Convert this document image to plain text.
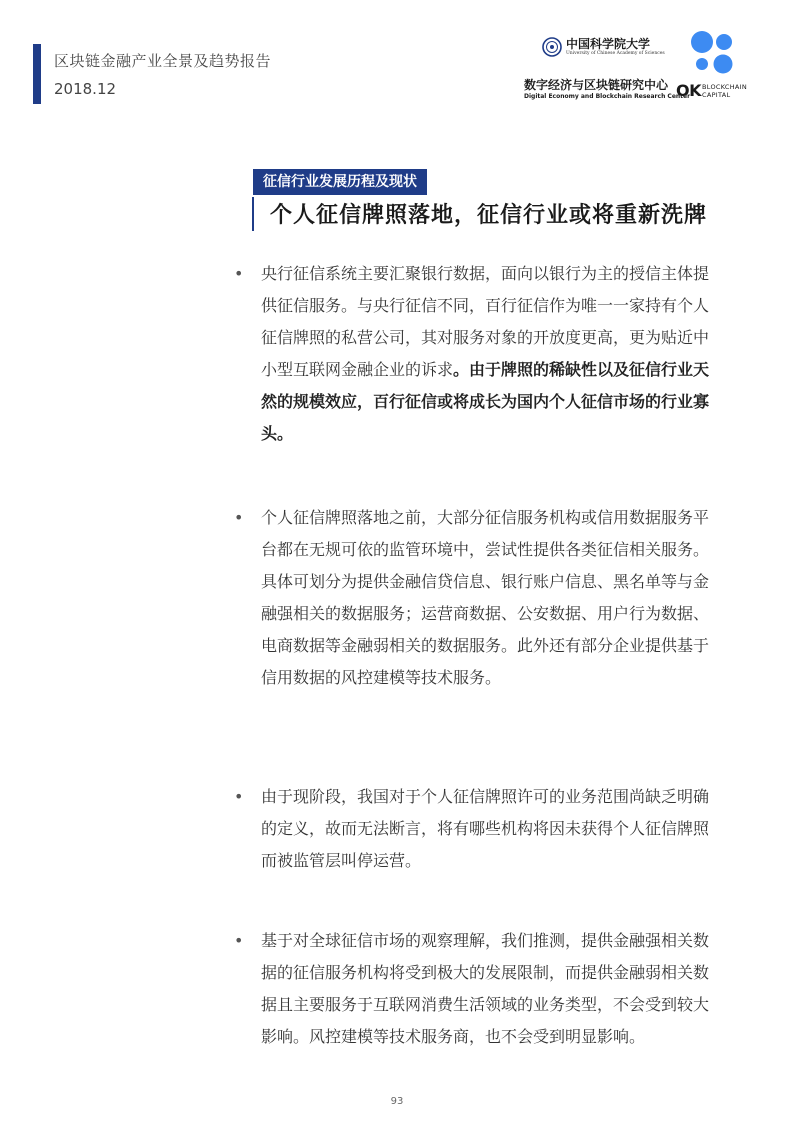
区块链金融产业全景及趋势报告
2018.12
中国科学院大学
University of Chinese Academy of Sciences
数字经济与区块链研究中心
Digital Economy and Blockchain Research Center
OK BLOCKCHAIN
CAPITAL
征信行业发展历程及现状
个人征信牌照落地，征信行业或将重新洗牌
• 央行征信系统主要汇聚银行数据，面向以银行为主的授信主体提供征信服务。与央行征信不同，百行征信作为唯一一家持有个人征信牌照的私营公司，其对服务对象的开放度更高，更为贴近中小型互联网金融企业的诉求。由于牌照的稀缺性以及征信行业天然的规模效应，百行征信或将成长为国内个人征信市场的行业寡头。
• 个人征信牌照落地之前，大部分征信服务机构或信用数据服务平台都在无规可依的监管环境中，尝试性提供各类征信相关服务。具体可划分为提供金融信贷信息、银行账户信息、黑名单等与金融强相关的数据服务；运营商数据、公安数据、用户行为数据、电商数据等金融弱相关的数据服务。此外还有部分企业提供基于信用数据的风控建模等技术服务。
• 由于现阶段，我国对于个人征信牌照许可的业务范围尚缺乏明确的定义，故而无法断言，将有哪些机构将因未获得个人征信牌照而被监管层叫停运营。
• 基于对全球征信市场的观察理解，我们推测，提供金融强相关数据的征信服务机构将受到极大的发展限制，而提供金融弱相关数据且主要服务于互联网消费生活领域的业务类型，不会受到较大影响。风控建模等技术服务商，也不会受到明显影响。
93
